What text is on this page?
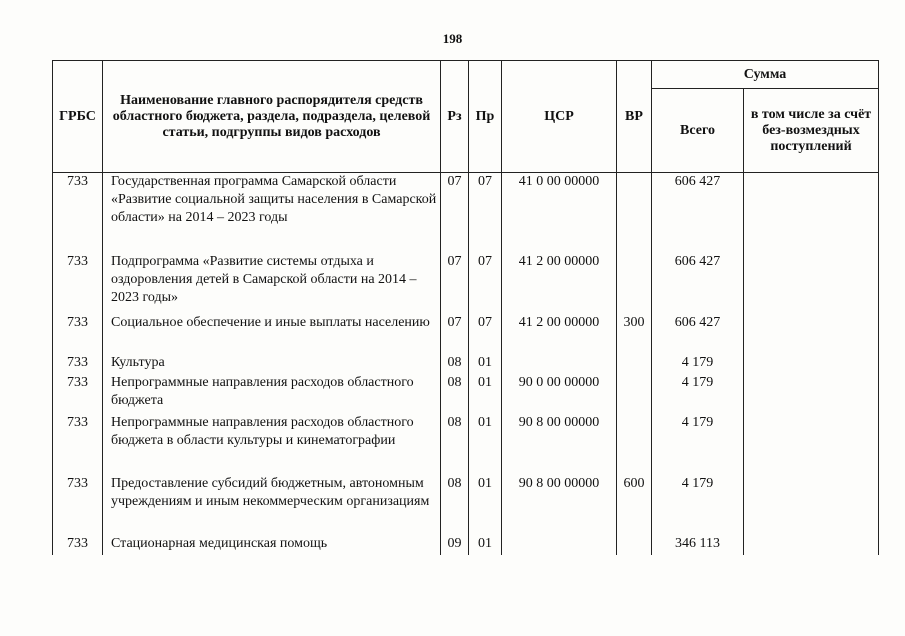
198
ГРБС	Наименование главного распорядителя средств областного бюджета, раздела, подраздела, целевой статьи, подгруппы видов расходов	Рз	Пр	ЦСР	ВР	Сумма	
						Всего	в том числе за счёт без-возмездных поступлений
733	Государственная программа Самарской области «Развитие социальной защиты населения в Самарской области» на 2014 – 2023 годы	07	07	41 0 00 00000		606 427	
733	Подпрограмма «Развитие системы отдыха и оздоровления детей в Самарской области на 2014 – 2023 годы»	07	07	41 2 00 00000		606 427	
733	Социальное обеспечение и иные выплаты населению	07	07	41 2 00 00000	300	606 427	
733	Культура	08	01			4 179	
733	Непрограммные направления расходов областного бюджета	08	01	90 0 00 00000		4 179	
733	Непрограммные направления расходов областного бюджета в области культуры и кинематографии	08	01	90 8 00 00000		4 179	
733	Предоставление субсидий бюджетным, автономным учреждениям и иным некоммерческим организациям	08	01	90 8 00 00000	600	4 179	
733	Стационарная медицинская помощь	09	01			346 113	
